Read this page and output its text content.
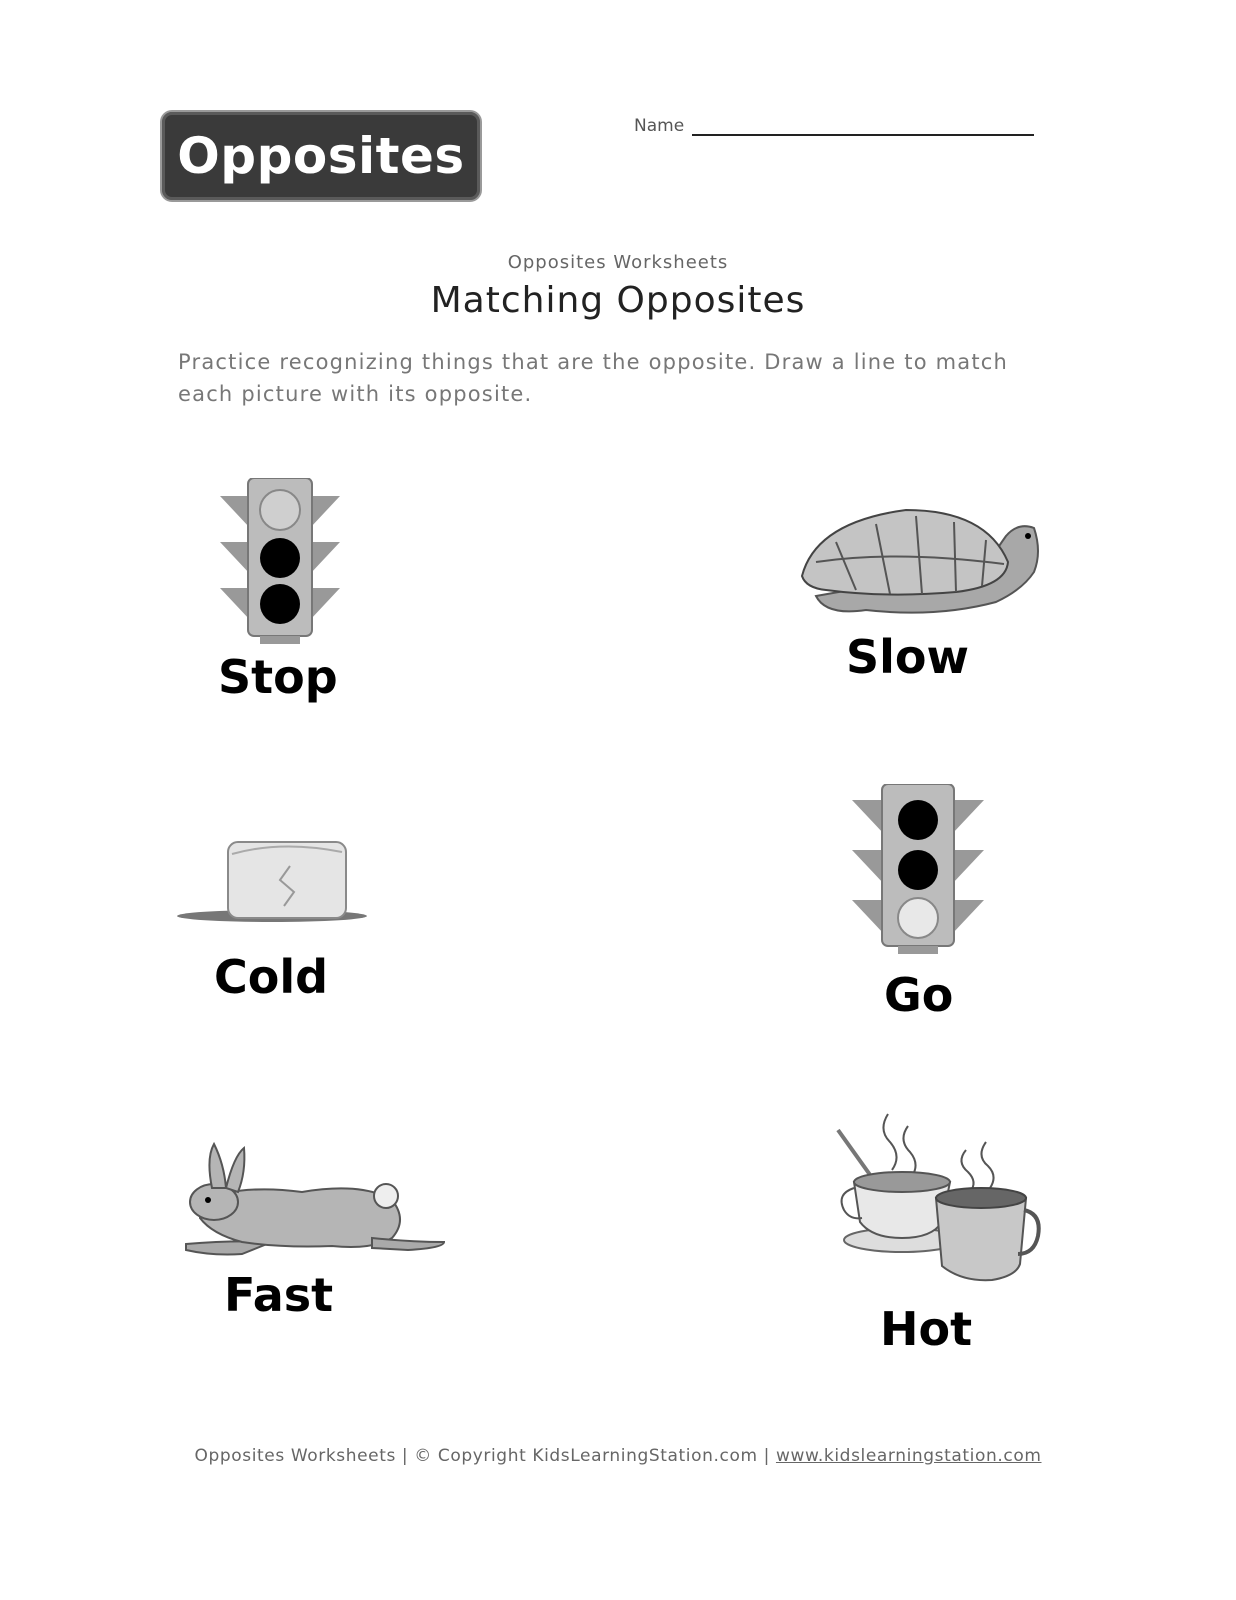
Opposites
Name
Opposites Worksheets
Matching Opposites
Practice recognizing things that are the opposite. Draw a line to match each picture with its opposite.
Stop
Cold
Fast
Slow
Go
Hot
Opposites Worksheets | © Copyright KidsLearningStation.com | www.kidslearningstation.com
